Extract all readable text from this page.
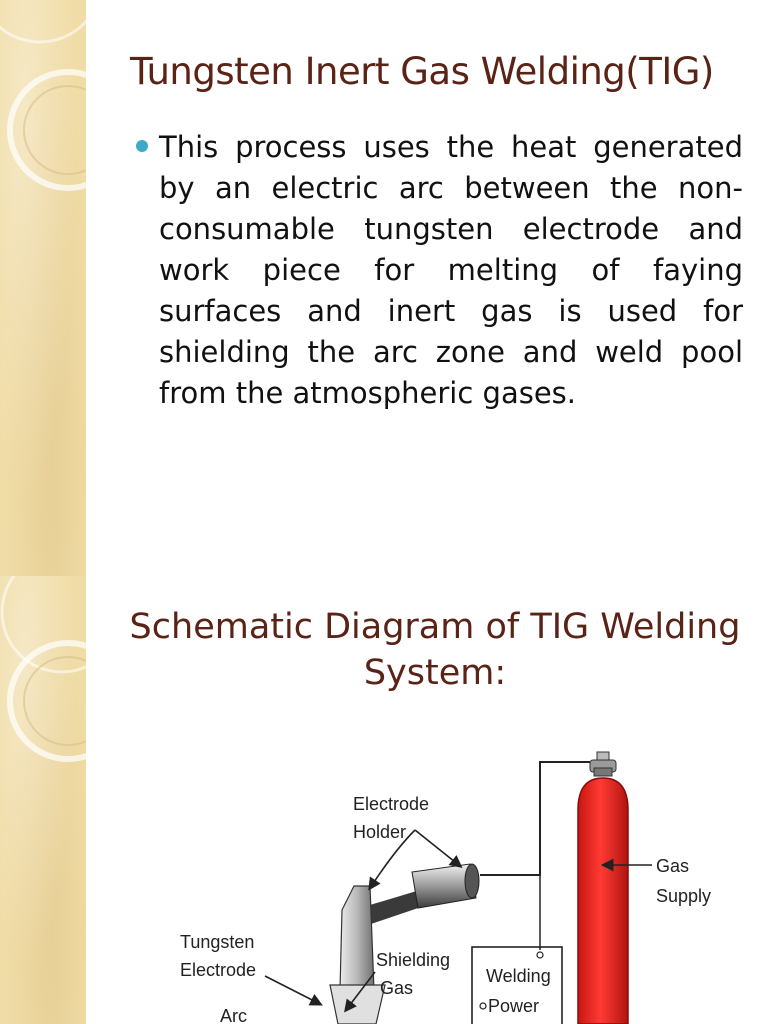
Tungsten Inert Gas Welding(TIG)
This process uses the heat generated by an electric arc between the non-consumable tungsten electrode and work piece for melting of faying surfaces and inert gas is used for shielding the arc zone and weld pool from the atmospheric gases.
Schematic Diagram of TIG Welding System:
Electrode
Holder
Gas
Supply
Tungsten
Electrode	Shielding
Gas
Welding
Power
Arc
